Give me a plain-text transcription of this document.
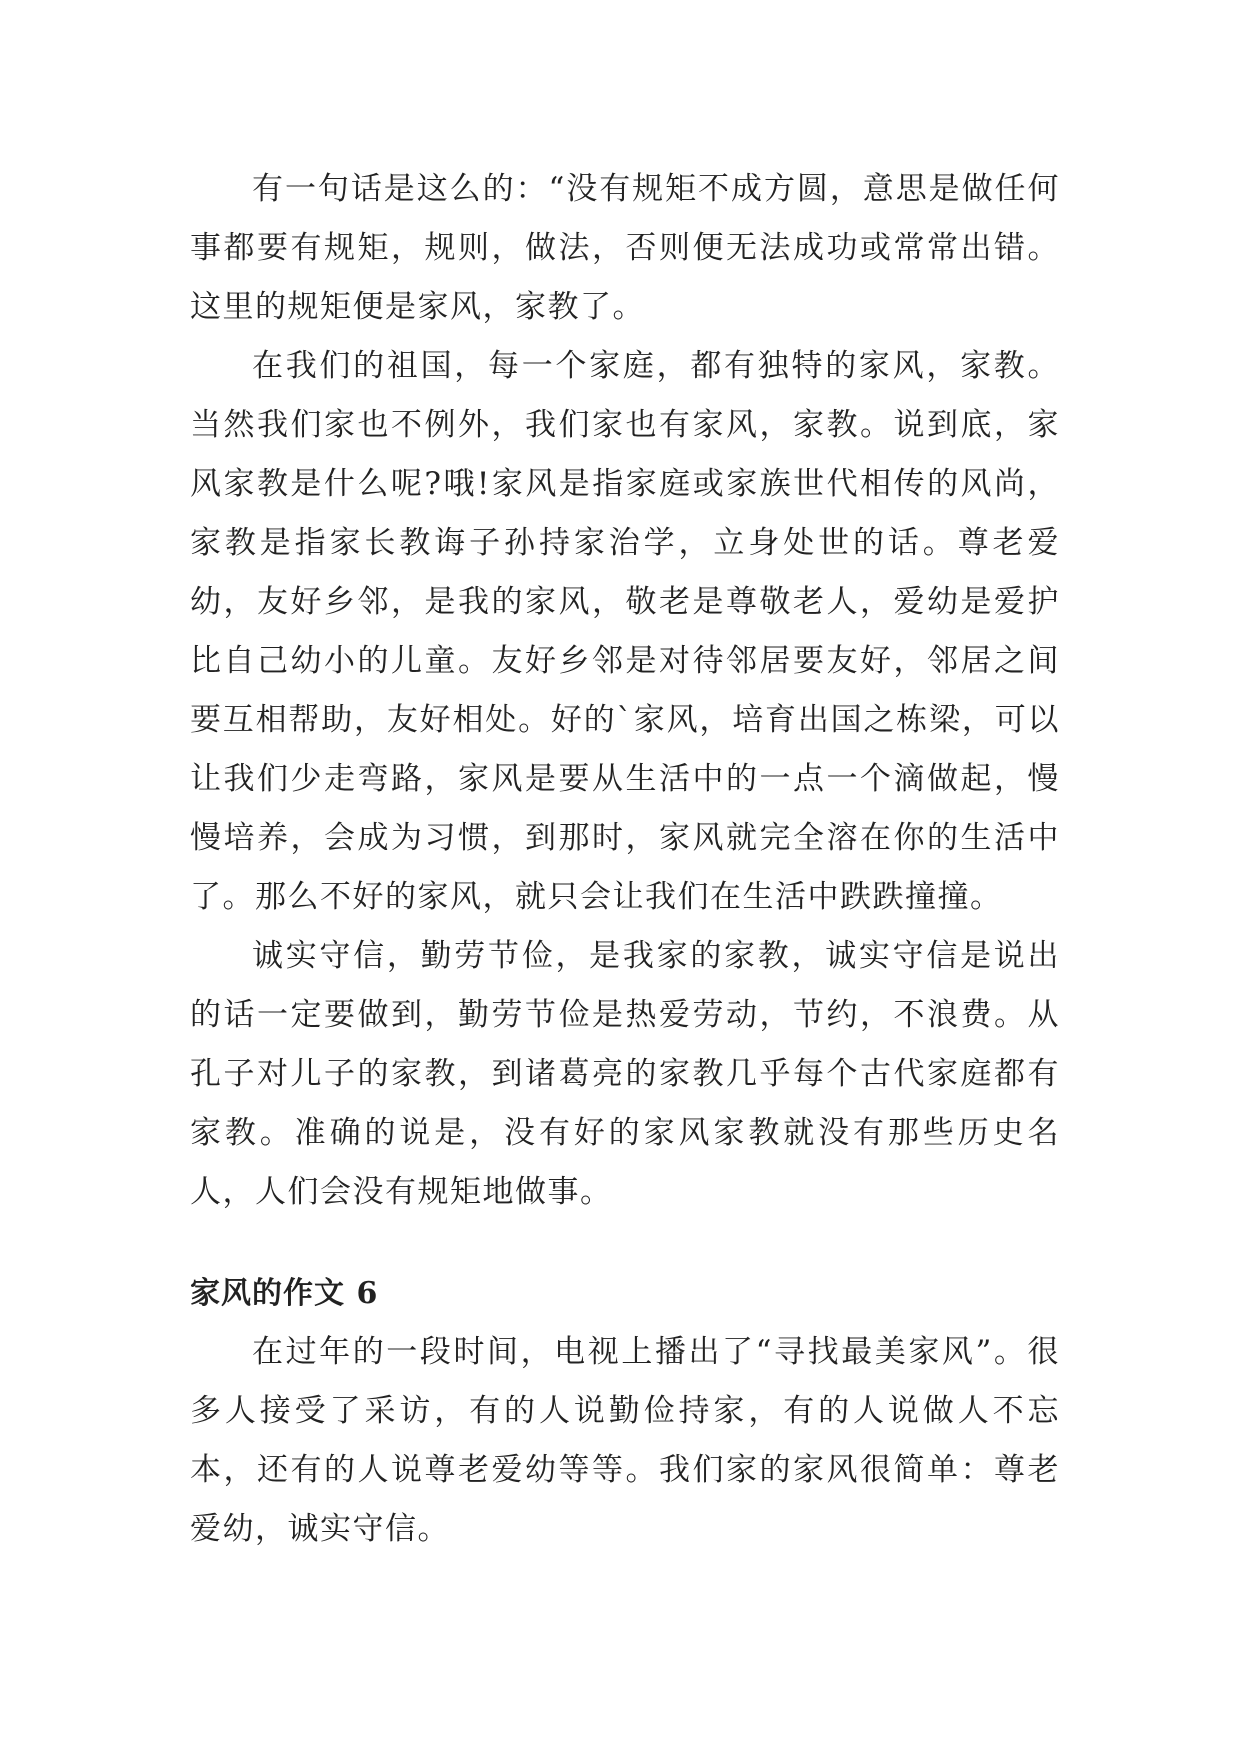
有一句话是这么的：“没有规矩不成方圆，意思是做任何事都要有规矩，规则，做法，否则便无法成功或常常出错。这里的规矩便是家风，家教了。

在我们的祖国，每一个家庭，都有独特的家风，家教。当然我们家也不例外，我们家也有家风，家教。说到底，家风家教是什么呢?哦!家风是指家庭或家族世代相传的风尚，家教是指家长教诲子孙持家治学，立身处世的话。尊老爱幼，友好乡邻，是我的家风，敬老是尊敬老人，爱幼是爱护比自己幼小的儿童。友好乡邻是对待邻居要友好，邻居之间要互相帮助，友好相处。好的`家风，培育出国之栋梁，可以让我们少走弯路，家风是要从生活中的一点一个滴做起，慢慢培养，会成为习惯，到那时，家风就完全溶在你的生活中了。那么不好的家风，就只会让我们在生活中跌跌撞撞。

诚实守信，勤劳节俭，是我家的家教，诚实守信是说出的话一定要做到，勤劳节俭是热爱劳动，节约，不浪费。从孔子对儿子的家教，到诸葛亮的家教几乎每个古代家庭都有家教。准确的说是，没有好的家风家教就没有那些历史名人，人们会没有规矩地做事。

家风的作文 6

在过年的一段时间，电视上播出了“寻找最美家风”。很多人接受了采访，有的人说勤俭持家，有的人说做人不忘本，还有的人说尊老爱幼等等。我们家的家风很简单：尊老爱幼，诚实守信。
